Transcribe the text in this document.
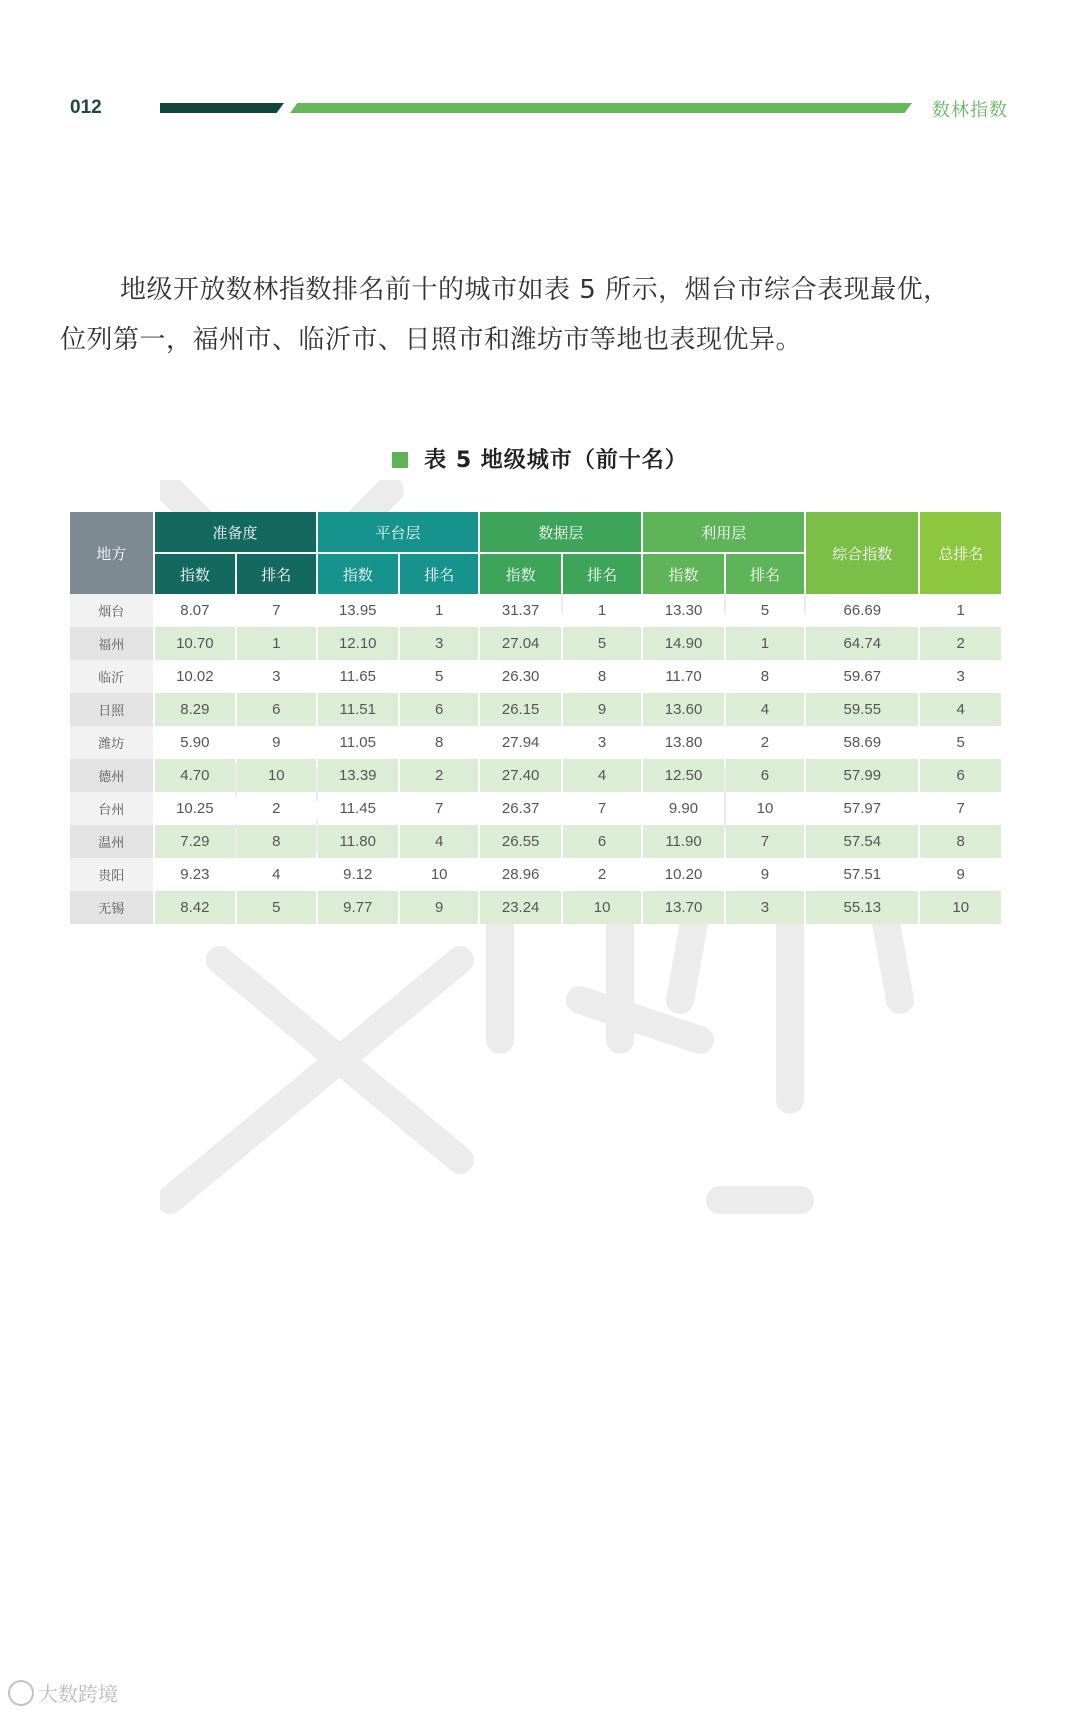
012	数林指数

地级开放数林指数排名前十的城市如表 5 所示，烟台市综合表现最优，

位列第一，福州市、临沂市、日照市和潍坊市等地也表现优异。

表 5 地级城市（前十名）
地方	准备度		平台层		数据层		利用层		综合指数	总排名
	指数	排名	指数	排名	指数	排名	指数	排名		
烟台	8.07	7	13.95	1	31.37	1	13.30	5	66.69	1
福州	10.70	1	12.10	3	27.04	5	14.90	1	64.74	2
临沂	10.02	3	11.65	5	26.30	8	11.70	8	59.67	3
日照	8.29	6	11.51	6	26.15	9	13.60	4	59.55	4
潍坊	5.90	9	11.05	8	27.94	3	13.80	2	58.69	5
德州	4.70	10	13.39	2	27.40	4	12.50	6	57.99	6
台州	10.25	2	11.45	7	26.37	7	9.90	10	57.97	7
温州	7.29	8	11.80	4	26.55	6	11.90	7	57.54	8
贵阳	9.23	4	9.12	10	28.96	2	10.20	9	57.51	9
无锡	8.42	5	9.77	9	23.24	10	13.70	3	55.13	10
大数跨境
